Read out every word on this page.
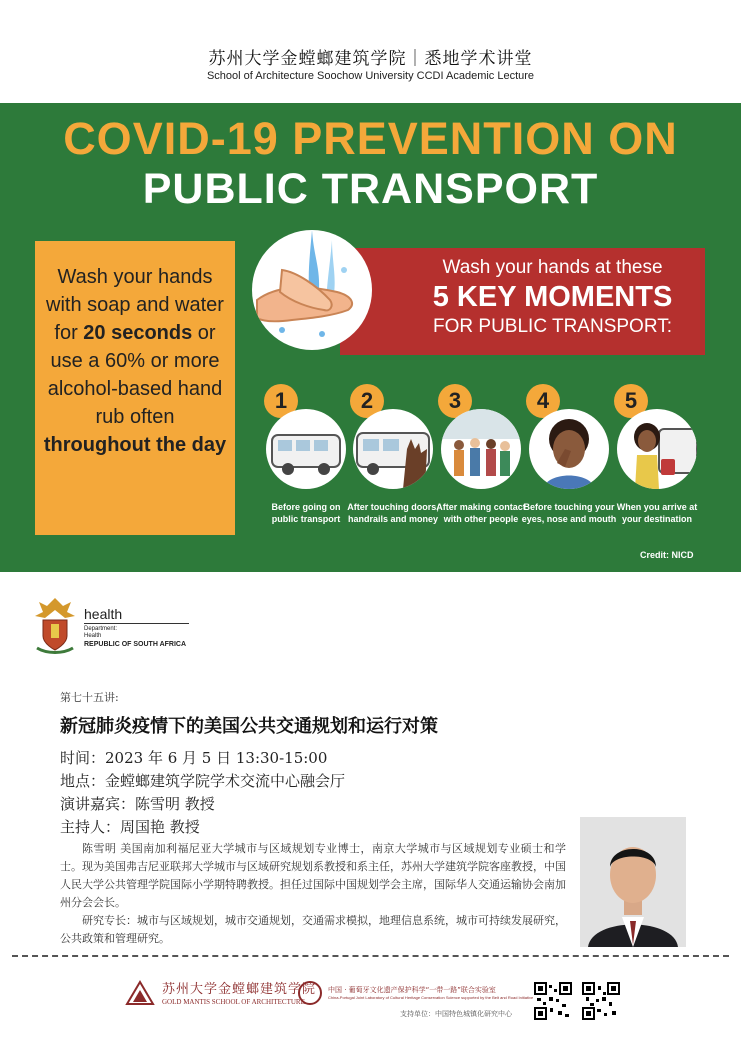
苏州大学金螳螂建筑学院｜悉地学术讲堂
School of Architecture Soochow University CCDI Academic Lecture
COVID-19 PREVENTION ON
PUBLIC TRANSPORT
Wash your hands with soap and water for 20 seconds or use a 60% or more alcohol-based hand rub often throughout the day
Wash your hands at these
5 KEY MOMENTS
FOR PUBLIC TRANSPORT:
1
Before going on public transport
2
After touching doors, handrails and money
3
After making contact with other people
4
Before touching your eyes, nose and mouth
5
When you arrive at your destination
Credit: NICD
health
Department:
Health
REPUBLIC OF SOUTH AFRICA
第七十五讲:
新冠肺炎疫情下的美国公共交通规划和运行对策
时间：2023 年 6 月 5 日 13:30-15:00
地点：金螳螂建筑学院学术交流中心融会厅
演讲嘉宾：陈雪明 教授
主持人：周国艳 教授
陈雪明 美国南加利福尼亚大学城市与区域规划专业博士，南京大学城市与区域规划专业硕士和学士。现为美国弗吉尼亚联邦大学城市与区域研究规划系教授和系主任，苏州大学建筑学院客座教授，中国人民大学公共管理学院国际小学期特聘教授。担任过国际中国规划学会主席，国际华人交通运输协会南加州分会会长。
研究专长：城市与区域规划，城市交通规划，交通需求模拟，地理信息系统，城市可持续发展研究，公共政策和管理研究。
苏州大学金螳螂建筑学院
GOLD MANTIS SCHOOL OF ARCHITECTURE
中国 · 葡萄牙文化遗产保护科学“一带一路”联合实验室
China-Portugal Joint Laboratory of Cultural Heritage Conservation Science supported by the Belt and Road Initiative
支持单位：中国特色城镇化研究中心
